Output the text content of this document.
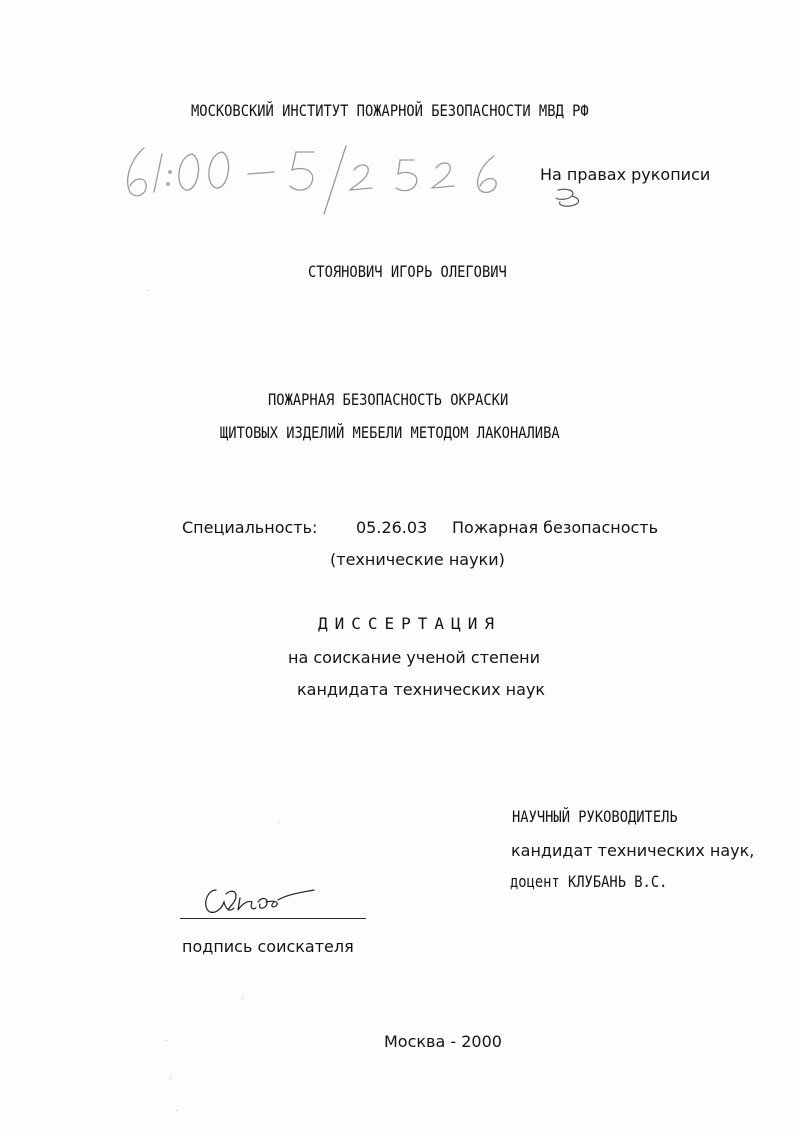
МОСКОВСКИЙ ИНСТИТУТ ПОЖАРНОЙ БЕЗОПАСНОСТИ МВД РФ
На правах рукописи
СТОЯНОВИЧ ИГОРЬ ОЛЕГОВИЧ
ПОЖАРНАЯ БЕЗОПАСНОСТЬ ОКРАСКИ
ЩИТОВЫХ ИЗДЕЛИЙ МЕБЕЛИ МЕТОДОМ ЛАКОНАЛИВА
Специальность: 05.26.03 Пожарная безопасность
(технические науки)
ДИССЕРТАЦИЯ
на соискание ученой степени
кандидата технических наук
НАУЧНЫЙ РУКОВОДИТЕЛЬ
кандидат технических наук,
доцент КЛУБАНЬ В.С.
подпись соискателя
Москва - 2000
